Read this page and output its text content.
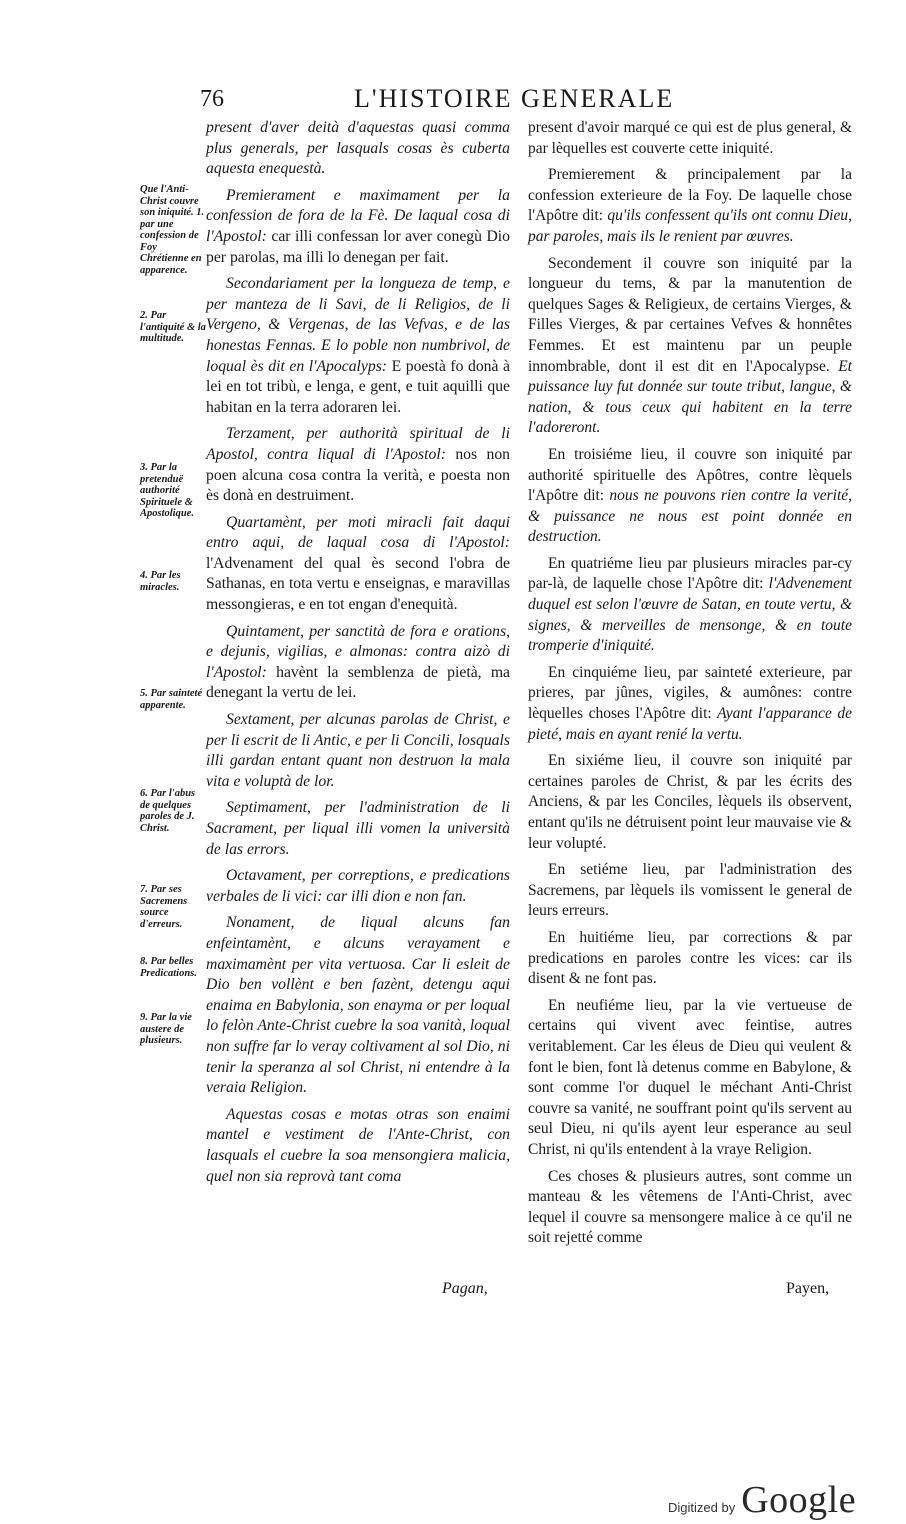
76	L'HISTOIRE GENERALE
Que l'Anti-Christ couvre son iniquité. 1. par une confession de Foy Chrétienne en apparence.
2. Par l'antiquité & la multitude.
3. Par la pretenduë authorité Spirituele & Apostolique.
4. Par les miracles.
5. Par sainteté apparente.
6. Par l'abus de quelques paroles de J. Christ.
7. Par ses Sacremens source d'erreurs.
8. Par belles Predications.
9. Par la vie austere de plusieurs.

present d'aver deità d'aquestas quasi comma plus generals, per lasquals cosas ès cuberta aquesta enequestà.

Premierament e maximament per la confession de fora de la Fè. De laqual cosa di l'Apostol: car illi confessan lor aver conegù Dio per parolas, ma illi lo denegan per fait.

Secondariament per la longueza de temp, e per manteza de li Savi, de li Religios, de li Vergeno, & Vergenas, de las Vefvas, e de las honestas Fennas. E lo poble non numbrivol, de loqual ès dit en l'Apocalyps: E poestà fo donà à lei en tot tribù, e lenga, e gent, e tuit aquilli que habitan en la terra adoraren lei.

Terzament, per authorità spiritual de li Apostol, contra liqual di l'Apostol: nos non poen alcuna cosa contra la verità, e poesta non ès donà en destruiment.

Quartamènt, per moti miracli fait daqui entro aqui, de laqual cosa di l'Apostol: l'Advenament del qual ès second l'obra de Sathanas, en tota vertu e enseignas, e maravillas messongieras, e en tot engan d'enequità.

Quintament, per sanctità de fora e orations, e dejunis, vigilias, e almonas: contra aizò di l'Apostol: havènt la semblenza de pietà, ma denegant la vertu de lei.

Sextament, per alcunas parolas de Christ, e per li escrit de li Antic, e per li Concili, losquals illi gardan entant quant non destruon la mala vita e voluptà de lor.

Septimament, per l'administration de li Sacrament, per liqual illi vomen la università de las errors.

Octavament, per correptions, e predications verbales de li vici: car illi dion e non fan.

Nonament, de liqual alcuns fan enfeintamènt, e alcuns verayament e maximamènt per vita vertuosa. Car li esleit de Dio ben vollènt e ben fazènt, detengu aqui enaima en Babylonia, son enayma or per loqual lo felòn Ante-Christ cuebre la soa vanità, loqual non suffre far lo veray coltivament al sol Dio, ni tenir la speranza al sol Christ, ni entendre à la veraia Religion.

Aquestas cosas e motas otras son enaimi mantel e vestiment de l'Ante-Christ, con lasquals el cuebre la soa mensongiera malicia, quel non sia reprovà tant coma

present d'avoir marqué ce qui est de plus general, & par lèquelles est couverte cette iniquité.

Premierement & principalement par la confession exterieure de la Foy. De laquelle chose l'Apôtre dit: qu'ils confessent qu'ils ont connu Dieu, par paroles, mais ils le renient par œuvres.

Secondement il couvre son iniquité par la longueur du tems, & par la manutention de quelques Sages & Religieux, de certains Vierges, & Filles Vierges, & par certaines Vefves & honnêtes Femmes. Et est maintenu par un peuple innombrable, dont il est dit en l'Apocalypse. Et puissance luy fut donnée sur toute tribut, langue, & nation, & tous ceux qui habitent en la terre l'adoreront.

En troisiéme lieu, il couvre son iniquité par authorité spirituelle des Apôtres, contre lèquels l'Apôtre dit: nous ne pouvons rien contre la verité, & puissance ne nous est point donnée en destruction.

En quatriéme lieu par plusieurs miracles par-cy par-là, de laquelle chose l'Apôtre dit: l'Advenement duquel est selon l'œuvre de Satan, en toute vertu, & signes, & merveilles de mensonge, & en toute tromperie d'iniquité.

En cinquiéme lieu, par sainteté exterieure, par prieres, par jûnes, vigiles, & aumônes: contre lèquelles choses l'Apôtre dit: Ayant l'apparance de pieté, mais en ayant renié la vertu.

En sixiéme lieu, il couvre son iniquité par certaines paroles de Christ, & par les écrits des Anciens, & par les Conciles, lèquels ils observent, entant qu'ils ne détruisent point leur mauvaise vie & leur volupté.

En setiéme lieu, par l'administration des Sacremens, par lèquels ils vomissent le general de leurs erreurs.

En huitiéme lieu, par corrections & par predications en paroles contre les vices: car ils disent & ne font pas.

En neufiéme lieu, par la vie vertueuse de certains qui vivent avec feintise, autres veritablement. Car les éleus de Dieu qui veulent & font le bien, font là detenus comme en Babylone, & sont comme l'or duquel le méchant Anti-Christ couvre sa vanité, ne souffrant point qu'ils servent au seul Dieu, ni qu'ils ayent leur esperance au seul Christ, ni qu'ils entendent à la vraye Religion.

Ces choses & plusieurs autres, sont comme un manteau & les vêtemens de l'Anti-Christ, avec lequel il couvre sa mensongere malice à ce qu'il ne soit rejetté comme

Pagan,	Payen,
Digitized by Google
